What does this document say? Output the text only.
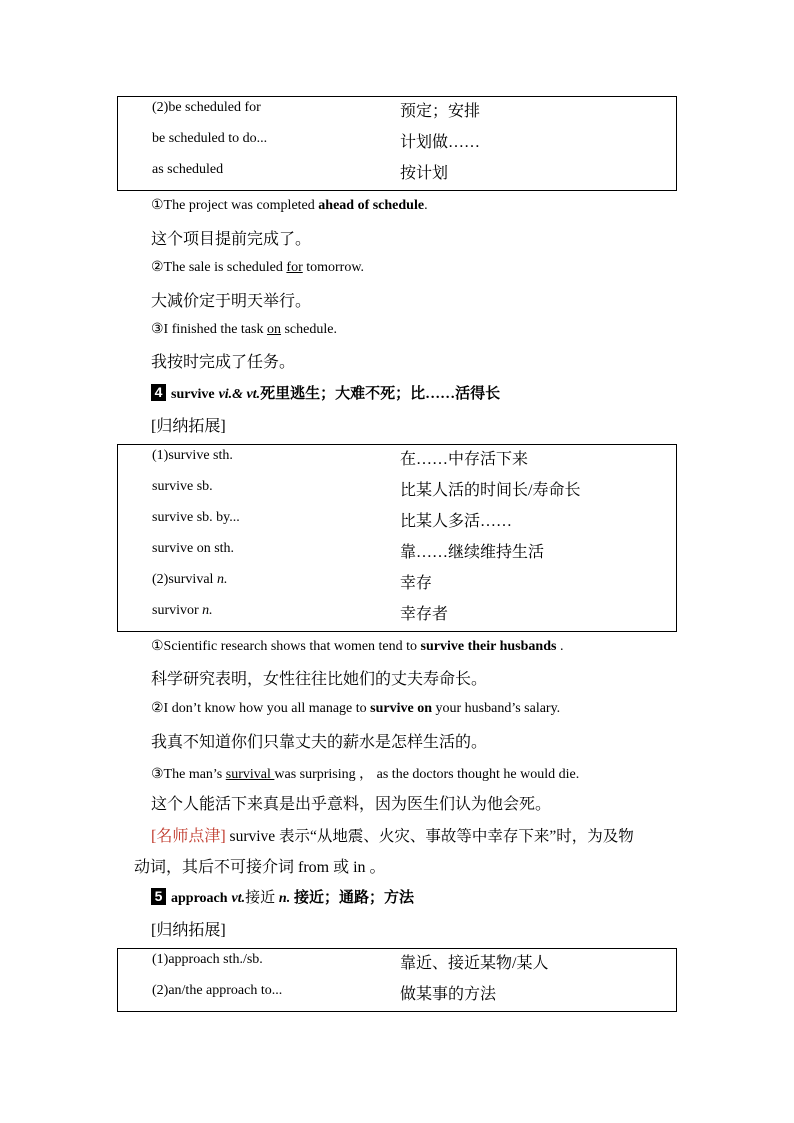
(2)be scheduled for	预定；安排
be scheduled to do...	计划做……
as scheduled	按计划
①The project was completed ahead of schedule.
这个项目提前完成了。
②The sale is scheduled for tomorrow.
大减价定于明天举行。
③I finished the task on schedule.
我按时完成了任务。
4 survive vi.& vt.死里逃生；大难不死；比……活得长
[归纳拓展]
(1)survive sth.	在……中存活下来
survive sb.	比某人活的时间长/寿命长
survive sb. by...	比某人多活……
survive on sth.	靠……继续维持生活
(2)survival n.	幸存
survivor n.	幸存者
①Scientific research shows that women tend to survive their husbands .
科学研究表明，女性往往比她们的丈夫寿命长。
②I don’t know how you all manage to survive on your husband’s salary.
我真不知道你们只靠丈夫的薪水是怎样生活的。
③The man’s survival was surprising ， as the doctors thought he would die.
这个人能活下来真是出乎意料，因为医生们认为他会死。
[名师点津] survive 表示“从地震、火灾、事故等中幸存下来”时，为及物
动词，其后不可接介词 from 或 in 。
5 approach vt.接近 n. 接近；通路；方法
[归纳拓展]
(1)approach sth./sb.	靠近、接近某物/某人
(2)an/the approach to...	做某事的方法
